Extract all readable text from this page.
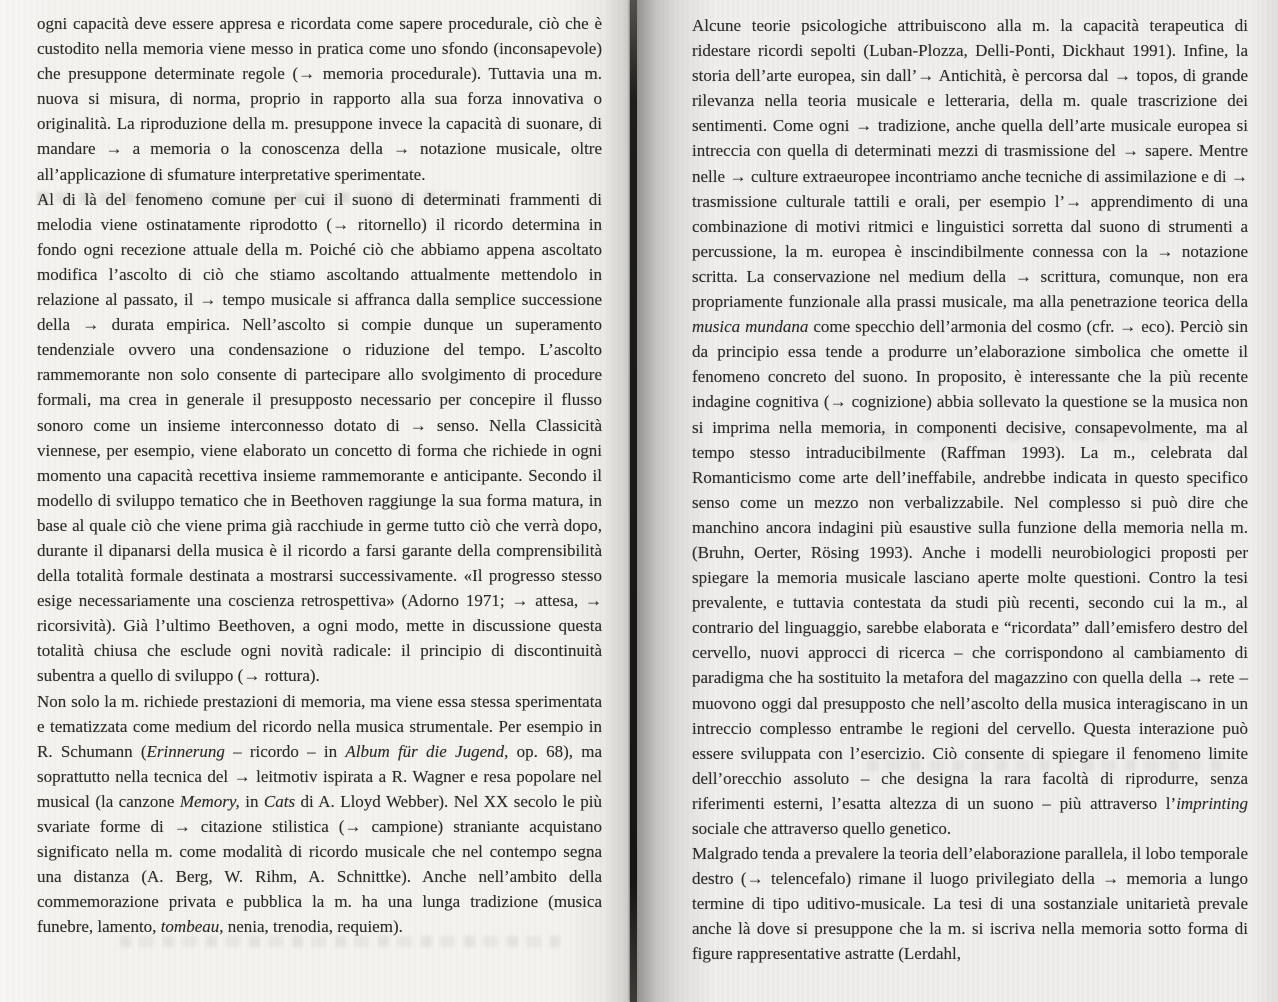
ogni capacità deve essere appresa e ricordata come sapere procedurale, ciò che è custodito nella memoria viene messo in pratica come uno sfondo (inconsapevole) che presuppone determinate regole (→ memoria procedurale). Tuttavia una m. nuova si misura, di norma, proprio in rapporto alla sua forza innovativa o originalità. La riproduzione della m. presuppone invece la capacità di suonare, di mandare → a memoria o la conoscenza della → notazione musicale, oltre all’applicazione di sfumature interpretative sperimentate.

Al di là del fenomeno comune per cui il suono di determinati frammenti di melodia viene ostinatamente riprodotto (→ ritornello) il ricordo determina in fondo ogni recezione attuale della m. Poiché ciò che abbiamo appena ascoltato modifica l’ascolto di ciò che stiamo ascoltando attualmente mettendolo in relazione al passato, il → tempo musicale si affranca dalla semplice successione della → durata empirica. Nell’ascolto si compie dunque un superamento tendenziale ovvero una condensazione o riduzione del tempo. L’ascolto rammemorante non solo consente di partecipare allo svolgimento di procedure formali, ma crea in generale il presupposto necessario per concepire il flusso sonoro come un insieme interconnesso dotato di → senso. Nella Classicità viennese, per esempio, viene elaborato un concetto di forma che richiede in ogni momento una capacità recettiva insieme rammemorante e anticipante. Secondo il modello di sviluppo tematico che in Beethoven raggiunge la sua forma matura, in base al quale ciò che viene prima già racchiude in germe tutto ciò che verrà dopo, durante il dipanarsi della musica è il ricordo a farsi garante della comprensibilità della totalità formale destinata a mostrarsi successivamente. «Il progresso stesso esige necessariamente una coscienza retrospettiva» (Adorno 1971; → attesa, → ricorsività). Già l’ultimo Beethoven, a ogni modo, mette in discussione questa totalità chiusa che esclude ogni novità radicale: il principio di discontinuità subentra a quello di sviluppo (→ rottura).

Non solo la m. richiede prestazioni di memoria, ma viene essa stessa sperimentata e tematizzata come medium del ricordo nella musica strumentale. Per esempio in R. Schumann (Erinnerung – ricordo – in Album für die Jugend, op. 68), ma soprattutto nella tecnica del → leitmotiv ispirata a R. Wagner e resa popolare nel musical (la canzone Memory, in Cats di A. Lloyd Webber). Nel XX secolo le più svariate forme di → citazione stilistica (→ campione) straniante acquistano significato nella m. come modalità di ricordo musicale che nel contempo segna una distanza (A. Berg, W. Rihm, A. Schnittke). Anche nell’ambito della commemorazione privata e pubblica la m. ha una lunga tradizione (musica funebre, lamento, tombeau, nenia, trenodia, requiem).

Alcune teorie psicologiche attribuiscono alla m. la capacità terapeutica di ridestare ricordi sepolti (Luban-Plozza, Delli-Ponti, Dickhaut 1991). Infine, la storia dell’arte europea, sin dall’→ Antichità, è percorsa dal → topos, di grande rilevanza nella teoria musicale e letteraria, della m. quale trascrizione dei sentimenti. Come ogni → tradizione, anche quella dell’arte musicale europea si intreccia con quella di determinati mezzi di trasmissione del → sapere. Mentre nelle → culture extraeuropee incontriamo anche tecniche di assimilazione e di → trasmissione culturale tattili e orali, per esempio l’→ apprendimento di una combinazione di motivi ritmici e linguistici sorretta dal suono di strumenti a percussione, la m. europea è inscindibilmente connessa con la → notazione scritta. La conservazione nel medium della → scrittura, comunque, non era propriamente funzionale alla prassi musicale, ma alla penetrazione teorica della musica mundana come specchio dell’armonia del cosmo (cfr. → eco). Perciò sin da principio essa tende a produrre un’elaborazione simbolica che omette il fenomeno concreto del suono. In proposito, è interessante che la più recente indagine cognitiva (→ cognizione) abbia sollevato la questione se la musica non si imprima nella memoria, in componenti decisive, consapevolmente, ma al tempo stesso intraducibilmente (Raffman 1993). La m., celebrata dal Romanticismo come arte dell’ineffabile, andrebbe indicata in questo specifico senso come un mezzo non verbalizzabile. Nel complesso si può dire che manchino ancora indagini più esaustive sulla funzione della memoria nella m. (Bruhn, Oerter, Rösing 1993). Anche i modelli neurobiologici proposti per spiegare la memoria musicale lasciano aperte molte questioni. Contro la tesi prevalente, e tuttavia contestata da studi più recenti, secondo cui la m., al contrario del linguaggio, sarebbe elaborata e “ricordata” dall’emisfero destro del cervello, nuovi approcci di ricerca – che corrispondono al cambiamento di paradigma che ha sostituito la metafora del magazzino con quella della → rete – muovono oggi dal presupposto che nell’ascolto della musica interagiscano in un intreccio complesso entrambe le regioni del cervello. Questa interazione può essere sviluppata con l’esercizio. Ciò consente di spiegare il fenomeno limite dell’orecchio assoluto – che designa la rara facoltà di riprodurre, senza riferimenti esterni, l’esatta altezza di un suono – più attraverso l’imprinting sociale che attraverso quello genetico.

Malgrado tenda a prevalere la teoria dell’elaborazione parallela, il lobo temporale destro (→ telencefalo) rimane il luogo privilegiato della → memoria a lungo termine di tipo uditivo-musicale. La tesi di una sostanziale unitarietà prevale anche là dove si presuppone che la m. si iscriva nella memoria sotto forma di figure rappresentative astratte (Lerdahl,
